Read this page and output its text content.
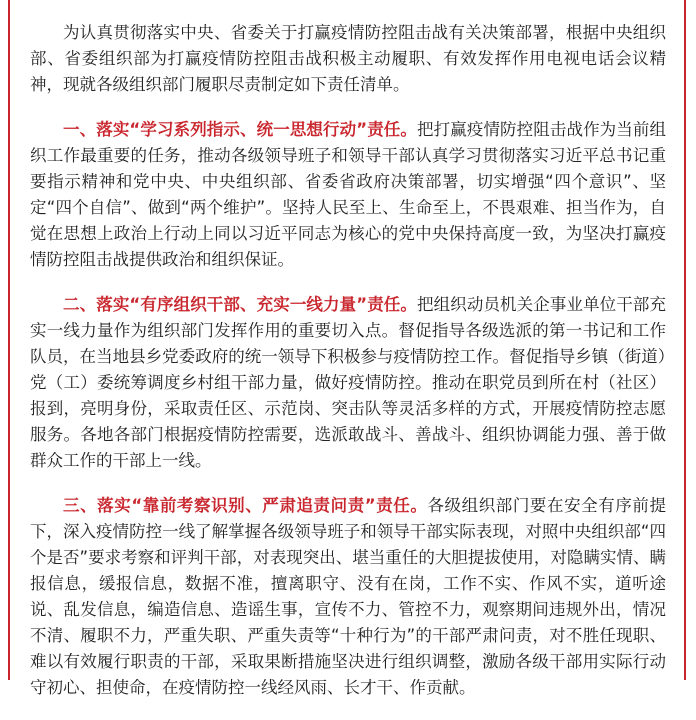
为认真贯彻落实中央、省委关于打赢疫情防控阻击战有关决策部署，根据中央组织部、省委组织部为打赢疫情防控阻击战积极主动履职、有效发挥作用电视电话会议精神，现就各级组织部门履职尽责制定如下责任清单。

一、落实“学习系列指示、统一思想行动”责任。把打赢疫情防控阻击战作为当前组织工作最重要的任务，推动各级领导班子和领导干部认真学习贯彻落实习近平总书记重要指示精神和党中央、中央组织部、省委省政府决策部署，切实增强“四个意识”、坚定“四个自信”、做到“两个维护”。坚持人民至上、生命至上，不畏艰难、担当作为，自觉在思想上政治上行动上同以习近平同志为核心的党中央保持高度一致，为坚决打赢疫情防控阻击战提供政治和组织保证。

二、落实“有序组织干部、充实一线力量”责任。把组织动员机关企事业单位干部充实一线力量作为组织部门发挥作用的重要切入点。督促指导各级选派的第一书记和工作队员，在当地县乡党委政府的统一领导下积极参与疫情防控工作。督促指导乡镇（街道）党（工）委统筹调度乡村组干部力量，做好疫情防控。推动在职党员到所在村（社区）报到，亮明身份，采取责任区、示范岗、突击队等灵活多样的方式，开展疫情防控志愿服务。各地各部门根据疫情防控需要，选派敢战斗、善战斗、组织协调能力强、善于做群众工作的干部上一线。

三、落实“靠前考察识别、严肃追责问责”责任。各级组织部门要在安全有序前提下，深入疫情防控一线了解掌握各级领导班子和领导干部实际表现，对照中央组织部“四个是否”要求考察和评判干部，对表现突出、堪当重任的大胆提拔使用，对隐瞒实情、瞒报信息，缓报信息，数据不准，擅离职守、没有在岗，工作不实、作风不实，道听途说、乱发信息，编造信息、造谣生事，宣传不力、管控不力，观察期间违规外出，情况不清、履职不力，严重失职、严重失责等“十种行为”的干部严肃问责，对不胜任现职、难以有效履行职责的干部，采取果断措施坚决进行组织调整，激励各级干部用实际行动守初心、担使命，在疫情防控一线经风雨、长才干、作贡献。
